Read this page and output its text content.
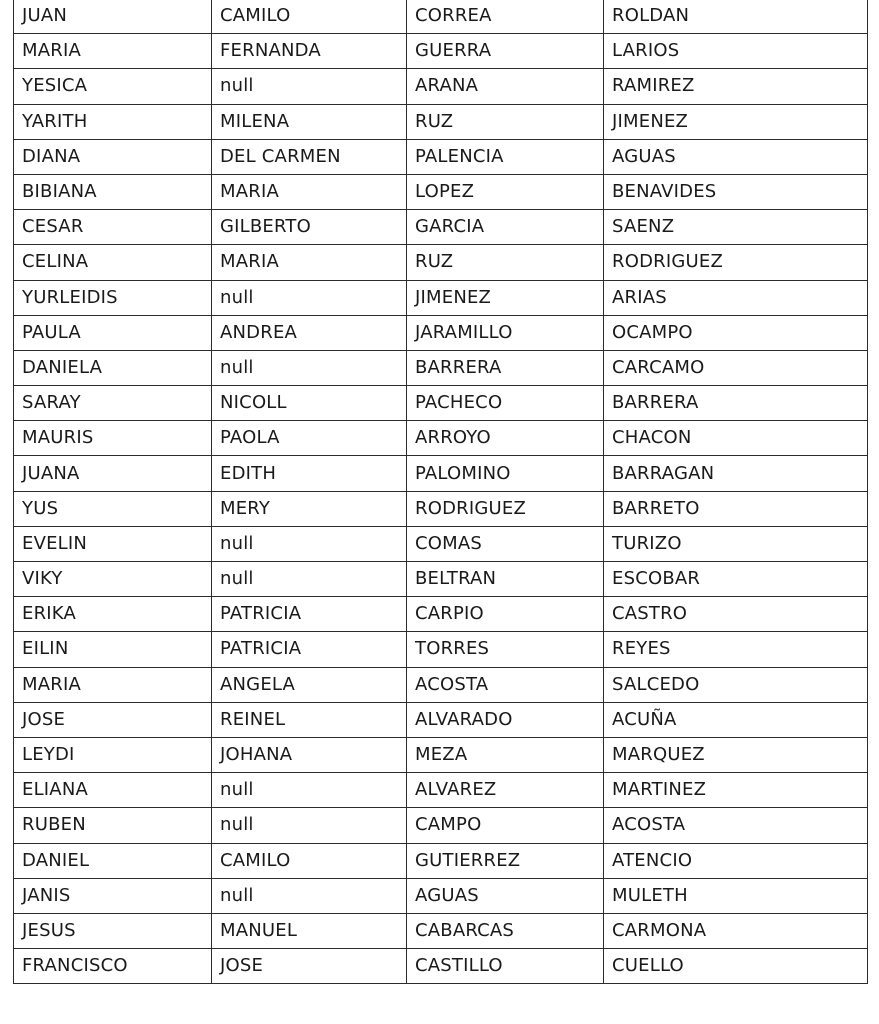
JUAN	CAMILO	CORREA	ROLDAN
MARIA	FERNANDA	GUERRA	LARIOS
YESICA	null	ARANA	RAMIREZ
YARITH	MILENA	RUZ	JIMENEZ
DIANA	DEL CARMEN	PALENCIA	AGUAS
BIBIANA	MARIA	LOPEZ	BENAVIDES
CESAR	GILBERTO	GARCIA	SAENZ
CELINA	MARIA	RUZ	RODRIGUEZ
YURLEIDIS	null	JIMENEZ	ARIAS
PAULA	ANDREA	JARAMILLO	OCAMPO
DANIELA	null	BARRERA	CARCAMO
SARAY	NICOLL	PACHECO	BARRERA
MAURIS	PAOLA	ARROYO	CHACON
JUANA	EDITH	PALOMINO	BARRAGAN
YUS	MERY	RODRIGUEZ	BARRETO
EVELIN	null	COMAS	TURIZO
VIKY	null	BELTRAN	ESCOBAR
ERIKA	PATRICIA	CARPIO	CASTRO
EILIN	PATRICIA	TORRES	REYES
MARIA	ANGELA	ACOSTA	SALCEDO
JOSE	REINEL	ALVARADO	ACUÑA
LEYDI	JOHANA	MEZA	MARQUEZ
ELIANA	null	ALVAREZ	MARTINEZ
RUBEN	null	CAMPO	ACOSTA
DANIEL	CAMILO	GUTIERREZ	ATENCIO
JANIS	null	AGUAS	MULETH
JESUS	MANUEL	CABARCAS	CARMONA
FRANCISCO	JOSE	CASTILLO	CUELLO
